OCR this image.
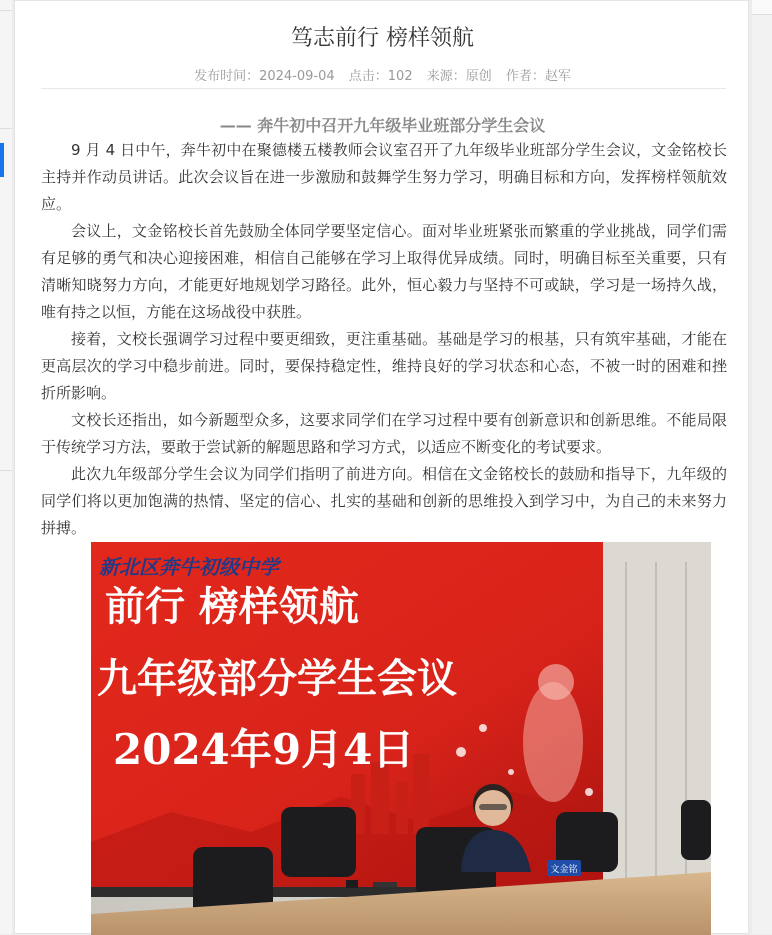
笃志前行 榜样领航
发布时间：2024-09-04 点击：102 来源：原创 作者：赵军
—— 奔牛初中召开九年级毕业班部分学生会议

9 月 4 日中午，奔牛初中在聚德楼五楼教师会议室召开了九年级毕业班部分学生会议，文金铭校长主持并作动员讲话。此次会议旨在进一步激励和鼓舞学生努力学习，明确目标和方向，发挥榜样领航效应。

会议上，文金铭校长首先鼓励全体同学要坚定信心。面对毕业班紧张而繁重的学业挑战，同学们需有足够的勇气和决心迎接困难，相信自己能够在学习上取得优异成绩。同时，明确目标至关重要，只有清晰知晓努力方向，才能更好地规划学习路径。此外，恒心毅力与坚持不可或缺，学习是一场持久战，唯有持之以恒，方能在这场战役中获胜。

接着，文校长强调学习过程中要更细致，更注重基础。基础是学习的根基，只有筑牢基础，才能在更高层次的学习中稳步前进。同时，要保持稳定性，维持良好的学习状态和心态，不被一时的困难和挫折所影响。

文校长还指出，如今新题型众多，这要求同学们在学习过程中要有创新意识和创新思维。不能局限于传统学习方法，要敢于尝试新的解题思路和学习方式，以适应不断变化的考试要求。

此次九年级部分学生会议为同学们指明了前进方向。相信在文金铭校长的鼓励和指导下，九年级的同学们将以更加饱满的热情、坚定的信心、扎实的基础和创新的思维投入到学习中，为自己的未来努力拼搏。

新北区奔牛初级中学
前行 榜样领航
九年级部分学生会议
2024年9月4日
文金铭
